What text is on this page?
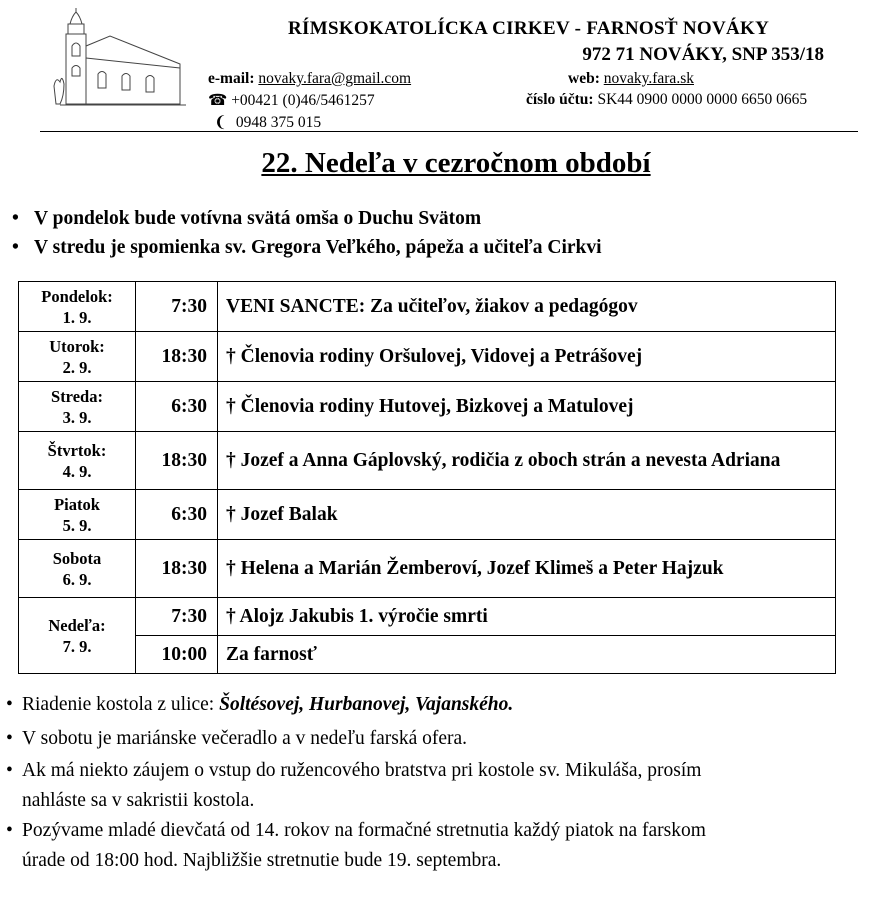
RÍMSKOKATOLÍCKA CIRKEV - FARNOSŤ NOVÁKY
972 71 NOVÁKY, SNP 353/18
e-mail: novaky.fara@gmail.com
☎ +00421 (0)46/5461257
❨ 0948 375 015
web: novaky.fara.sk
číslo účtu: SK44 0900 0000 0000 6650 0665
22. Nedeľa v cezročnom období
• V pondelok bude votívna svätá omša o Duchu Svätom
• V stredu je spomienka sv. Gregora Veľkého, pápeža a učiteľa Cirkvi
Pondelok:
1. 9.	7:30	VENI SANCTE: Za učiteľov, žiakov a pedagógov
Utorok:
2. 9.	18:30	† Členovia rodiny Oršulovej, Vidovej a Petrášovej
Streda:
3. 9.	6:30	† Členovia rodiny Hutovej, Bizkovej a Matulovej
Štvrtok:
4. 9.	18:30	† Jozef a Anna Gáplovský, rodičia z oboch strán a nevesta Adriana
Piatok
5. 9.	6:30	† Jozef Balak
Sobota
6. 9.	18:30	† Helena a Marián Žemberoví, Jozef Klimeš a Peter Hajzuk
Nedeľa:
7. 9.	7:30	† Alojz Jakubis 1. výročie smrti
	10:00	Za farnosť
• Riadenie kostola z ulice: Šoltésovej, Hurbanovej, Vajanského.
• V sobotu je mariánske večeradlo a v nedeľu farská ofera.
• Ak má niekto záujem o vstup do ružencového bratstva pri kostole sv. Mikuláša, prosím
nahláste sa v sakristii kostola.
• Pozývame mladé dievčatá od 14. rokov na formačné stretnutia každý piatok na farskom
úrade od 18:00 hod. Najbližšie stretnutie bude 19. septembra.
